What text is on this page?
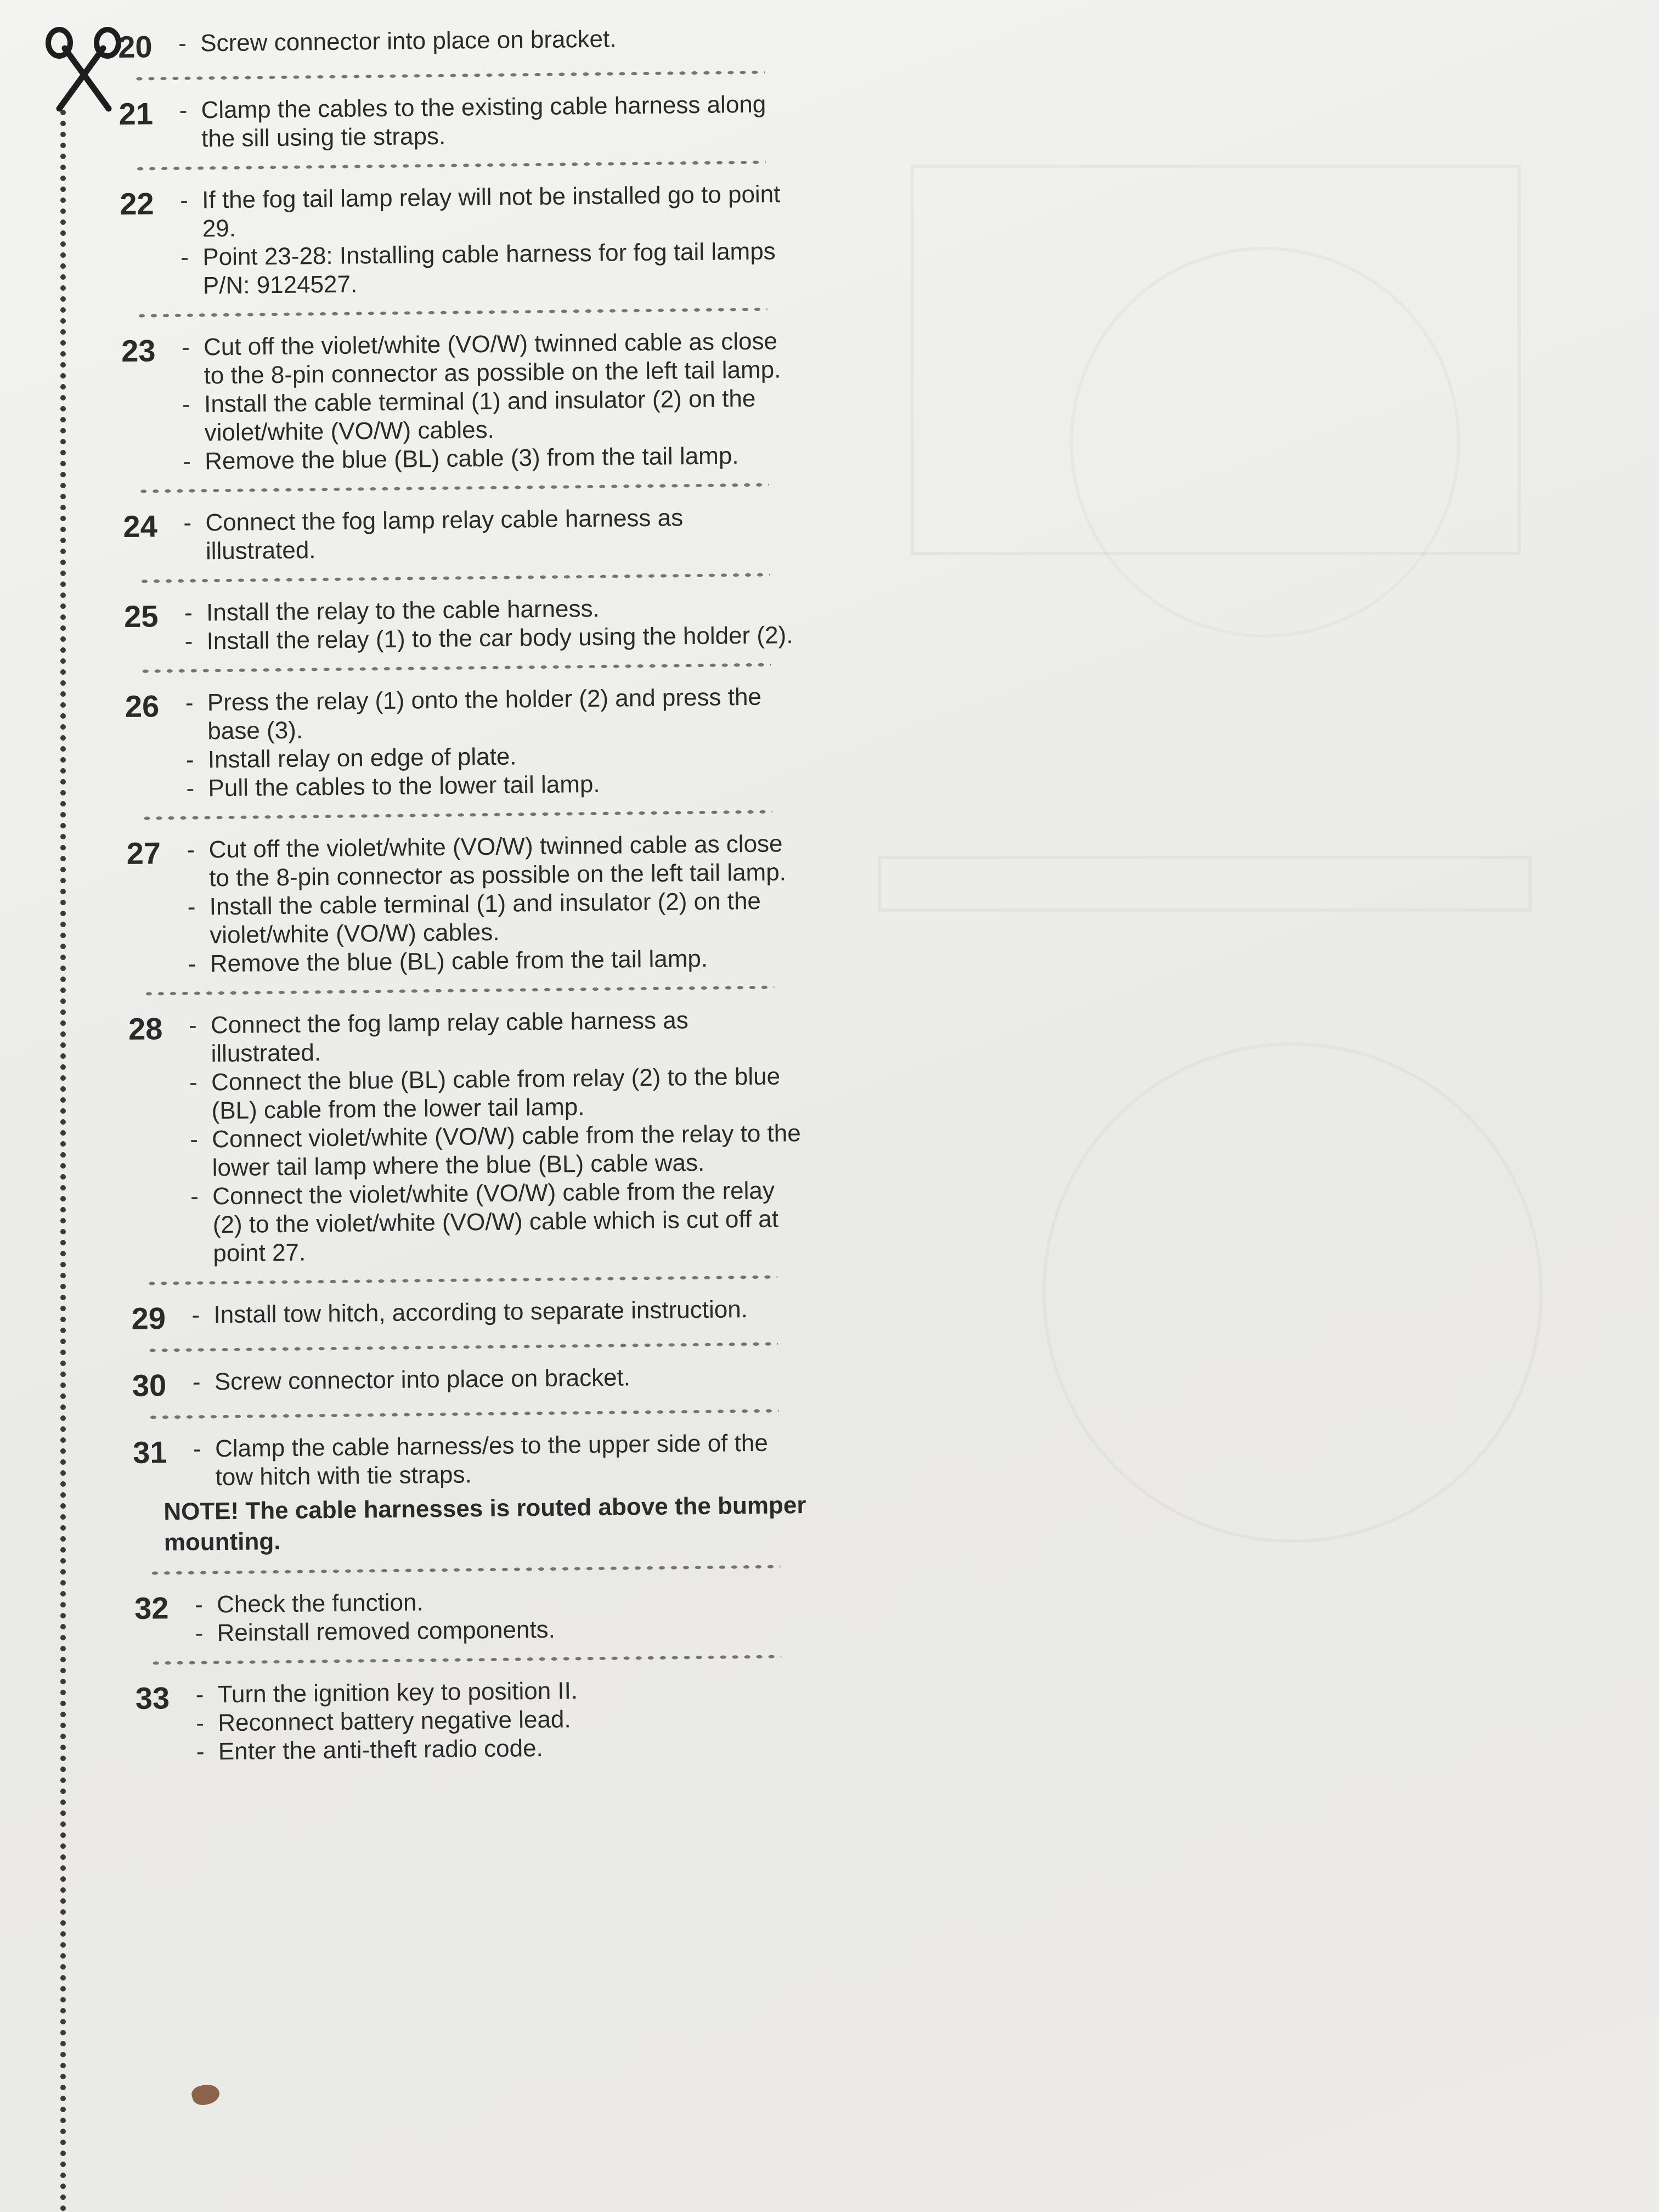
20	- Screw connector into place on bracket.
21	- Clamp the cables to the existing cable harness along the sill using tie straps.
22	- If the fog tail lamp relay will not be installed go to point 29.
- Point 23-28: Installing cable harness for fog tail lamps P/N: 9124527.
23	- Cut off the violet/white (VO/W) twinned cable as close to the 8-pin connector as possible on the left tail lamp.
- Install the cable terminal (1) and insulator (2) on the violet/white (VO/W) cables.
- Remove the blue (BL) cable (3) from the tail lamp.
24	- Connect the fog lamp relay cable harness as illustrated.
25	- Install the relay to the cable harness.
- Install the relay (1) to the car body using the holder (2).
26	- Press the relay (1) onto the holder (2) and press the base (3).
- Install relay on edge of plate.
- Pull the cables to the lower tail lamp.
27	- Cut off the violet/white (VO/W) twinned cable as close to the 8-pin connector as possible on the left tail lamp.
- Install the cable terminal (1) and insulator (2) on the violet/white (VO/W) cables.
- Remove the blue (BL) cable from the tail lamp.
28	- Connect the fog lamp relay cable harness as illustrated.
- Connect the blue (BL) cable from relay (2) to the blue (BL) cable from the lower tail lamp.
- Connect violet/white (VO/W) cable from the relay to the lower tail lamp where the blue (BL) cable was.
- Connect the violet/white (VO/W) cable from the relay (2) to the violet/white (VO/W) cable which is cut off at point 27.
29	- Install tow hitch, according to separate instruction.
30	- Screw connector into place on bracket.
31	- Clamp the cable harness/es to the upper side of the tow hitch with tie straps.
NOTE! The cable harnesses is routed above the bumper mounting.
32	- Check the function.
- Reinstall removed components.
33	- Turn the ignition key to position II.
- Reconnect battery negative lead.
- Enter the anti-theft radio code.
